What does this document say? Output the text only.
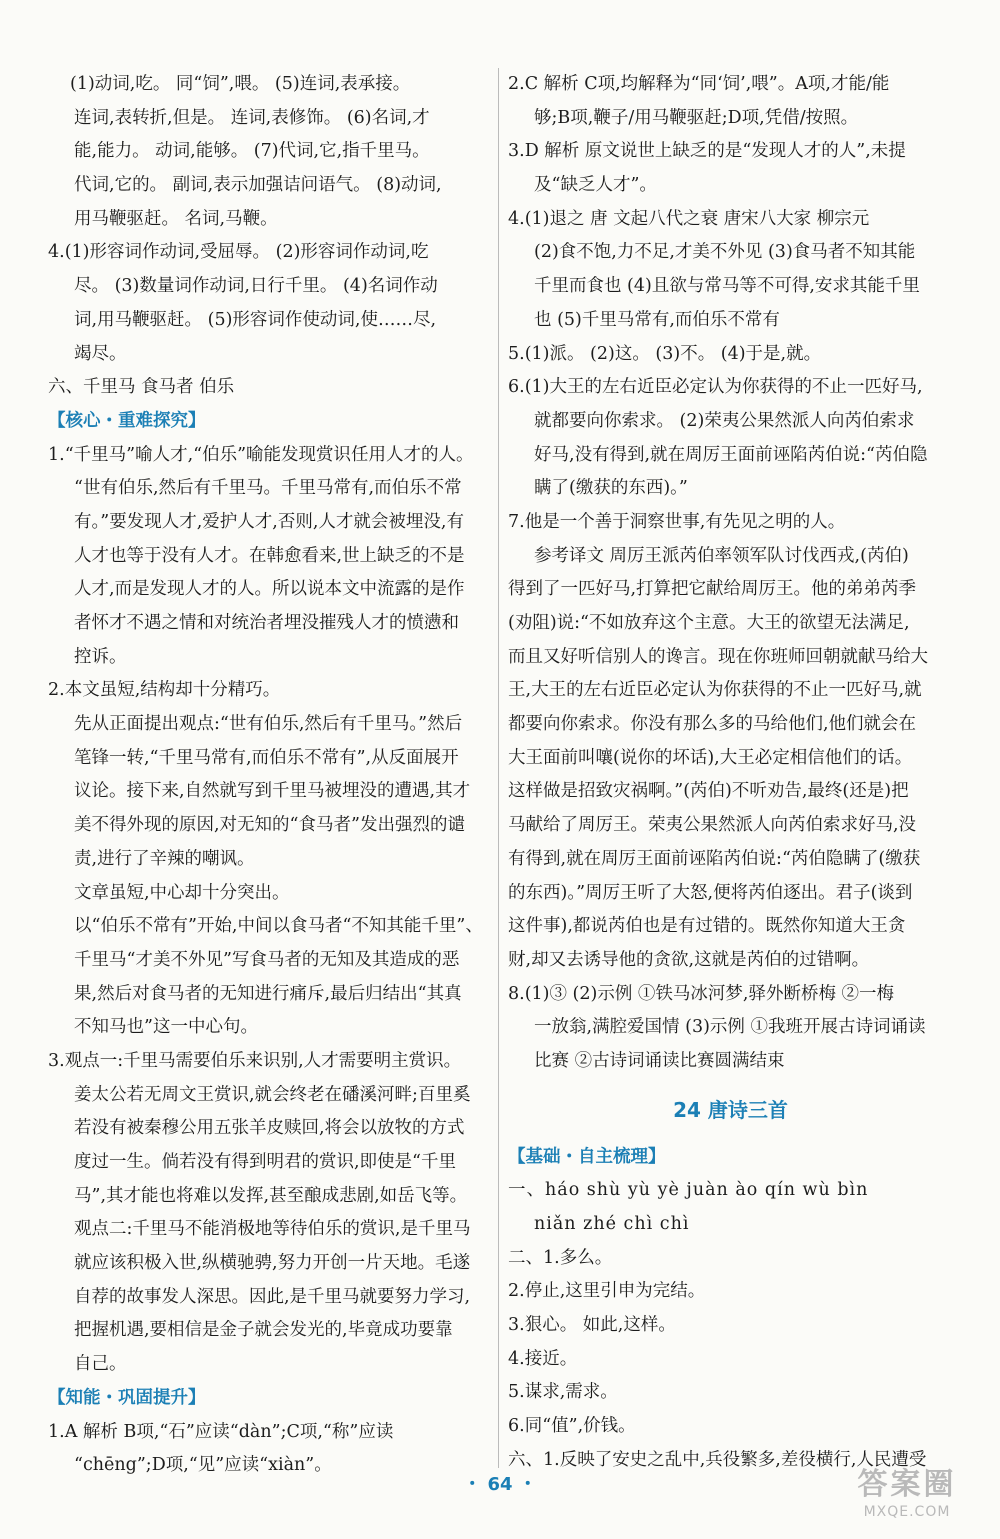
(1)动词,吃。 同“饲”,喂。 (5)连词,表承接。
连词,表转折,但是。 连词,表修饰。 (6)名词,才
能,能力。 动词,能够。 (7)代词,它,指千里马。
代词,它的。 副词,表示加强诘问语气。 (8)动词,
用马鞭驱赶。 名词,马鞭。
4.(1)形容词作动词,受屈辱。 (2)形容词作动词,吃
尽。 (3)数量词作动词,日行千里。 (4)名词作动
词,用马鞭驱赶。 (5)形容词作使动词,使……尽,
竭尽。
六、千里马 食马者 伯乐
【核心・重难探究】
1.“千里马”喻人才,“伯乐”喻能发现赏识任用人才的人。
“世有伯乐,然后有千里马。千里马常有,而伯乐不常
有。”要发现人才,爱护人才,否则,人才就会被埋没,有
人才也等于没有人才。在韩愈看来,世上缺乏的不是
人才,而是发现人才的人。所以说本文中流露的是作
者怀才不遇之情和对统治者埋没摧残人才的愤懑和
控诉。
2.本文虽短,结构却十分精巧。
先从正面提出观点:“世有伯乐,然后有千里马。”然后
笔锋一转,“千里马常有,而伯乐不常有”,从反面展开
议论。接下来,自然就写到千里马被埋没的遭遇,其才
美不得外现的原因,对无知的“食马者”发出强烈的谴
责,进行了辛辣的嘲讽。
文章虽短,中心却十分突出。
以“伯乐不常有”开始,中间以食马者“不知其能千里”、
千里马“才美不外见”写食马者的无知及其造成的恶
果,然后对食马者的无知进行痛斥,最后归结出“其真
不知马也”这一中心句。
3.观点一:千里马需要伯乐来识别,人才需要明主赏识。
姜太公若无周文王赏识,就会终老在磻溪河畔;百里奚
若没有被秦穆公用五张羊皮赎回,将会以放牧的方式
度过一生。倘若没有得到明君的赏识,即使是“千里
马”,其才能也将难以发挥,甚至酿成悲剧,如岳飞等。
观点二:千里马不能消极地等待伯乐的赏识,是千里马
就应该积极入世,纵横驰骋,努力开创一片天地。毛遂
自荐的故事发人深思。因此,是千里马就要努力学习,
把握机遇,要相信是金子就会发光的,毕竟成功要靠
自己。
【知能・巩固提升】
1.A 解析 B项,“石”应读“dàn”;C项,“称”应读
“chēng”;D项,“见”应读“xiàn”。
2.C 解析 C项,均解释为“同‘饲’,喂”。A项,才能/能
够;B项,鞭子/用马鞭驱赶;D项,凭借/按照。
3.D 解析 原文说世上缺乏的是“发现人才的人”,未提
及“缺乏人才”。
4.(1)退之 唐 文起八代之衰 唐宋八大家 柳宗元
(2)食不饱,力不足,才美不外见 (3)食马者不知其能
千里而食也 (4)且欲与常马等不可得,安求其能千里
也 (5)千里马常有,而伯乐不常有
5.(1)派。 (2)这。 (3)不。 (4)于是,就。
6.(1)大王的左右近臣必定认为你获得的不止一匹好马,
就都要向你索求。 (2)荣夷公果然派人向芮伯索求
好马,没有得到,就在周厉王面前诬陷芮伯说:“芮伯隐
瞒了(缴获的东西)。”
7.他是一个善于洞察世事,有先见之明的人。
参考译文 周厉王派芮伯率领军队讨伐西戎,(芮伯)
得到了一匹好马,打算把它献给周厉王。他的弟弟芮季
(劝阻)说:“不如放弃这个主意。大王的欲望无法满足,
而且又好听信别人的谗言。现在你班师回朝就献马给大
王,大王的左右近臣必定认为你获得的不止一匹好马,就
都要向你索求。你没有那么多的马给他们,他们就会在
大王面前叫嚷(说你的坏话),大王必定相信他们的话。
这样做是招致灾祸啊。”(芮伯)不听劝告,最终(还是)把
马献给了周厉王。荣夷公果然派人向芮伯索求好马,没
有得到,就在周厉王面前诬陷芮伯说:“芮伯隐瞒了(缴获
的东西)。”周厉王听了大怒,便将芮伯逐出。君子(谈到
这件事),都说芮伯也是有过错的。既然你知道大王贪
财,却又去诱导他的贪欲,这就是芮伯的过错啊。
8.(1)③ (2)示例 ①铁马冰河梦,驿外断桥梅 ②一梅
一放翁,满腔爱国情 (3)示例 ①我班开展古诗词诵读
比赛 ②古诗词诵读比赛圆满结束
24 唐诗三首
【基础・自主梳理】
一、háo shù yù yè juàn ào qín wù bìn
niǎn zhé chì chì
二、1.多么。
2.停止,这里引申为完结。
3.狠心。 如此,这样。
4.接近。
5.谋求,需求。
6.同“值”,价钱。
六、1.反映了安史之乱中,兵役繁多,差役横行,人民遭受
・ 64 ・	答案圈
MXQE.COM
